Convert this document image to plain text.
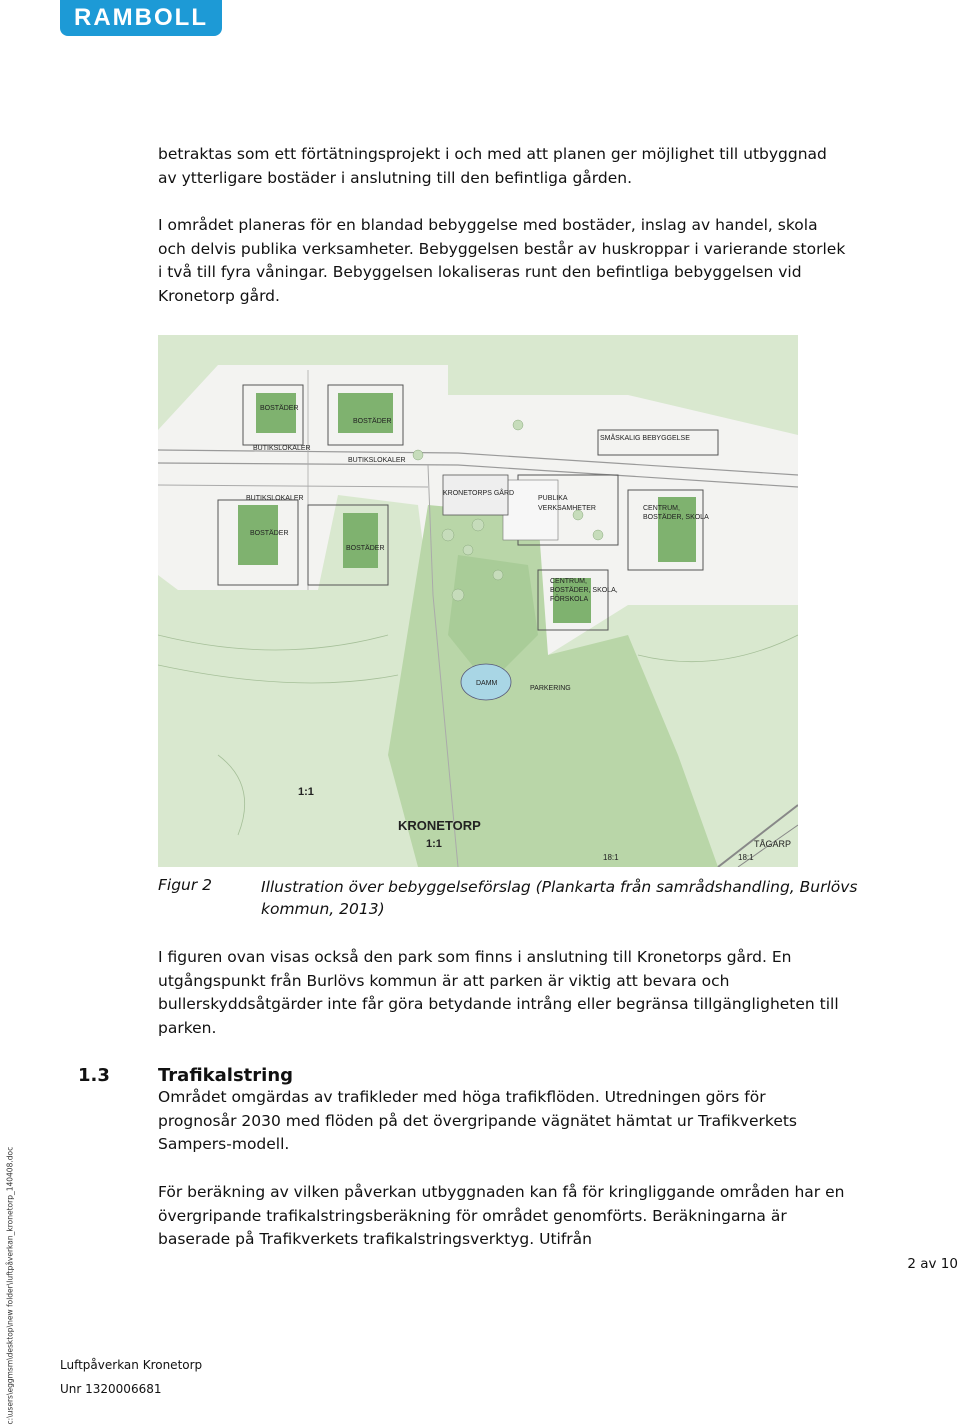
RAMBOLL

betraktas som ett förtätningsprojekt i och med att planen ger möjlighet till utbyggnad av ytterligare bostäder i anslutning till den befintliga gården.

I området planeras för en blandad bebyggelse med bostäder, inslag av handel, skola och delvis publika verksamheter. Bebyggelsen består av huskroppar i varierande storlek i två till fyra våningar. Bebyggelsen lokaliseras runt den befintliga bebyggelsen vid Kronetorp gård.

BOSTÄDER
BOSTÄDER
BOSTÄDER
BOSTÄDER
BUTIKSLOKALER
BUTIKSLOKALER
BUTIKSLOKALER
SMÅSKALIG BEBYGGELSE
KRONETORPS GÅRD
PUBLIKA
VERKSAMHETER	CENTRUM,
BOSTÄDER, SKOLA
CENTRUM,
BOSTÄDER, SKOLA,
FÖRSKOLA
DAMM
PARKERING
KRONETORP
1:1
1:1	TÅGARP
18:1	18:1
Figur 2	Illustration över bebyggelseförslag (Plankarta från samrådshandling, Burlövs kommun, 2013)

I figuren ovan visas också den park som finns i anslutning till Kronetorps gård. En utgångspunkt från Burlövs kommun är att parken är viktig att bevara och bullerskyddsåtgärder inte får göra betydande intrång eller begränsa tillgängligheten till parken.

1.3	Trafikalstring

Området omgärdas av trafikleder med höga trafikflöden. Utredningen görs för prognosår 2030 med flöden på det övergripande vägnätet hämtat ur Trafikverkets Sampers-modell.

För beräkning av vilken påverkan utbyggnaden kan få för kringliggande områden har en övergripande trafikalstringsberäkning för området genomförts. Beräkningarna är baserade på Trafikverkets trafikalstringsverktyg. Utifrån

2 av 10
c:\users\eggmsm\desktop\new folder\luftpåverkan_kronetorp_140408.doc	Luftpåverkan Kronetorp
Unr 1320006681
